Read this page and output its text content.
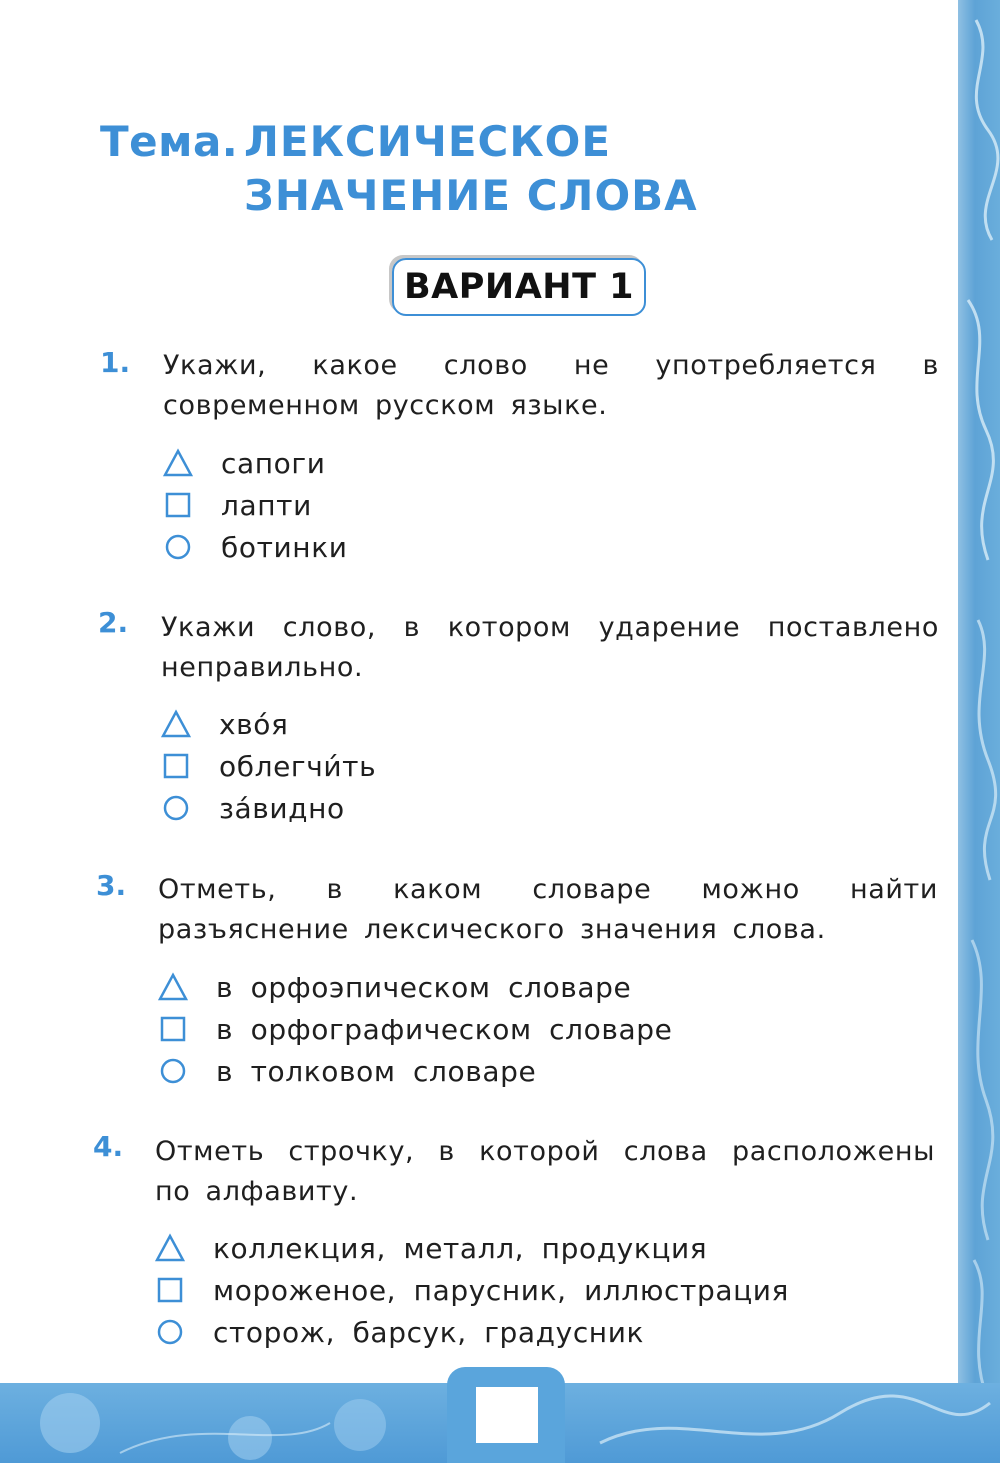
Тема. ЛЕКСИЧЕСКОЕ
ЗНАЧЕНИЕ СЛОВА
ВАРИАНТ 1
1. Укажи, какое слово не употребляется в современном русском языке.
сапоги
лапти
ботинки
2. Укажи слово, в котором ударение поставлено неправильно.
хвóя
облегчи́ть
зáвидно
3. Отметь, в каком словаре можно найти разъяснение лексического значения слова.
в орфоэпическом словаре
в орфографическом словаре
в толковом словаре
4. Отметь строчку, в которой слова расположены по алфавиту.
коллекция, металл, продукция
мороженое, парусник, иллюстрация
сторож, барсук, градусник
